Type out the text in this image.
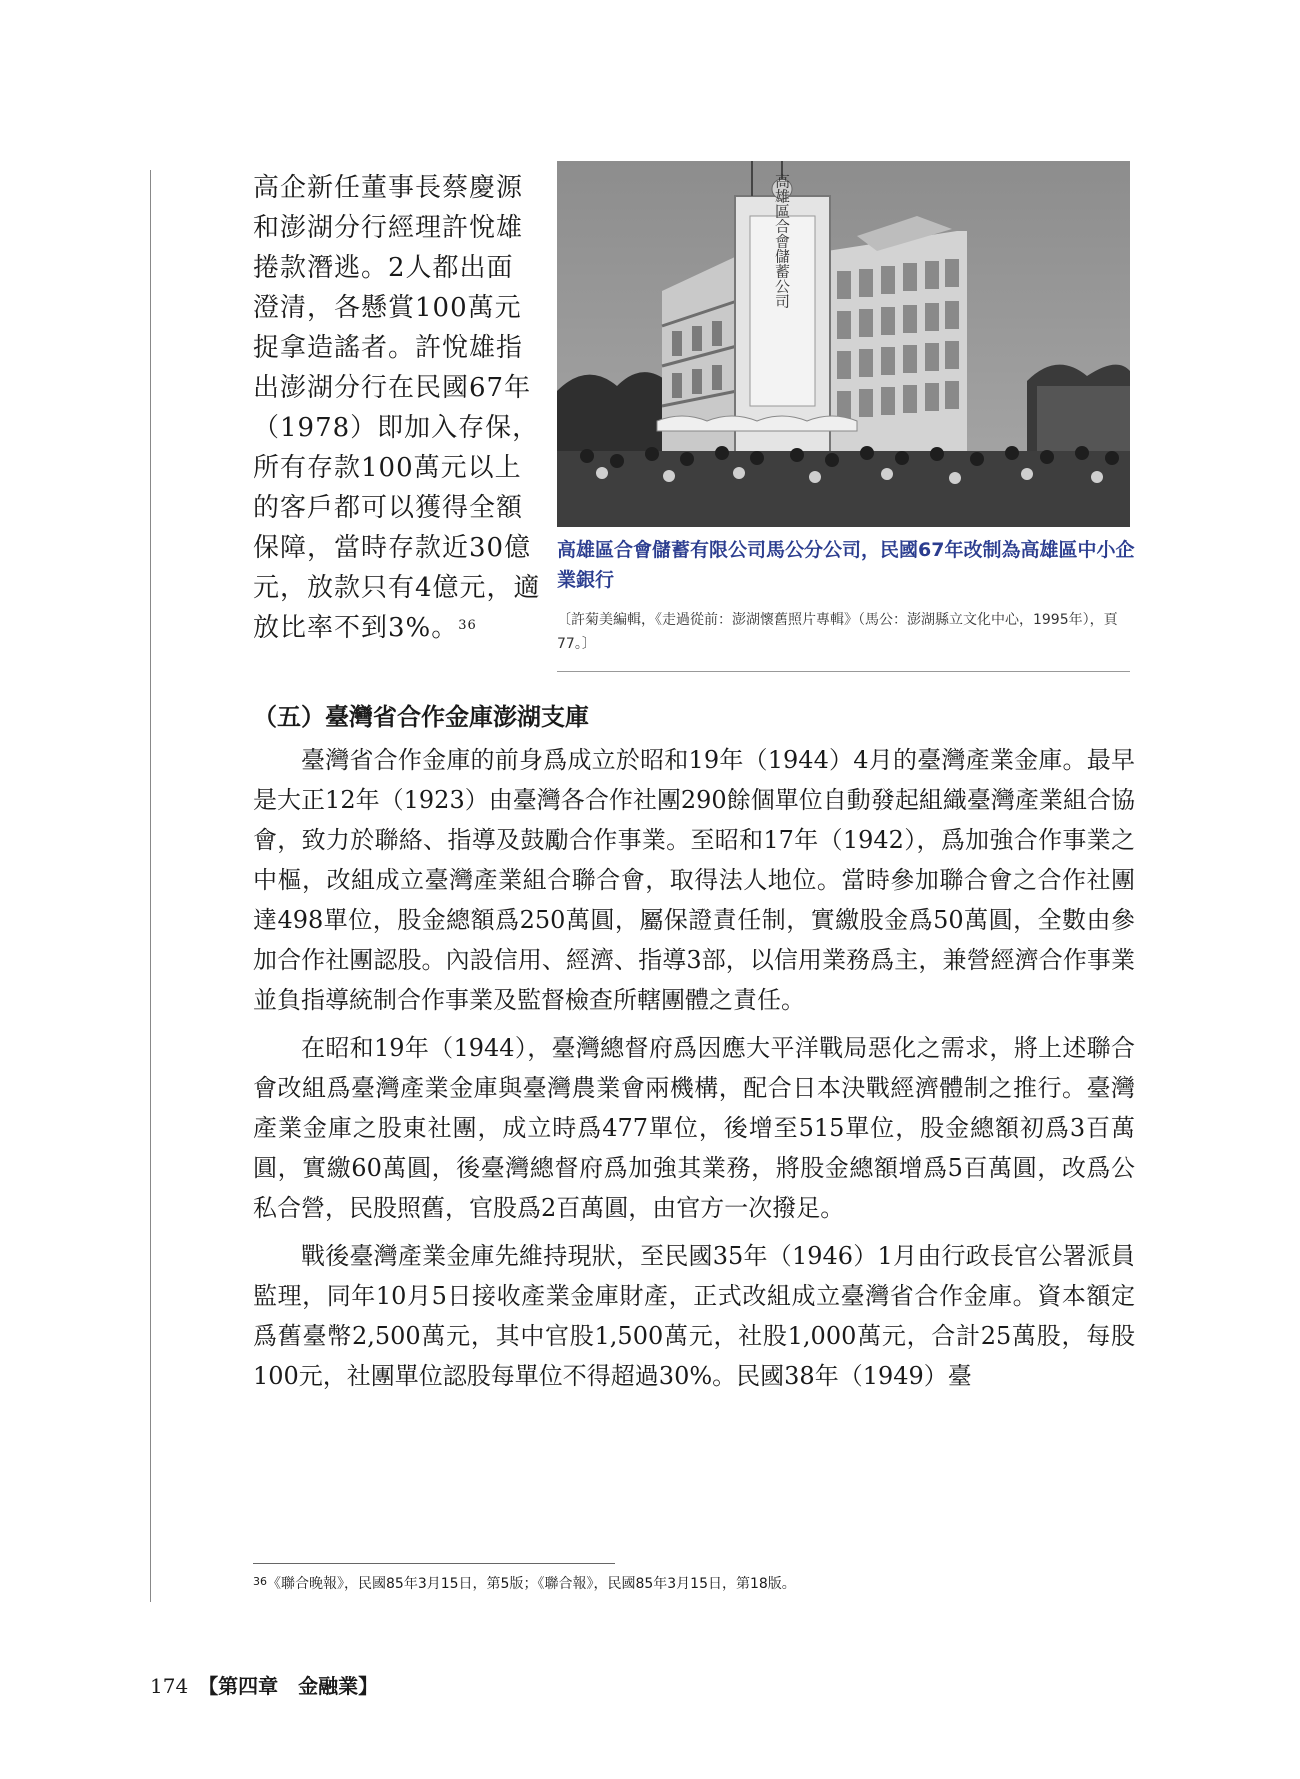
高企新任董事長蔡慶源
和澎湖分行經理許悅雄
捲款潛逃。2人都出面
澄清，各懸賞100萬元
捉拿造謠者。許悅雄指
出澎湖分行在民國67年
（1978）即加入存保，
所有存款100萬元以上
的客戶都可以獲得全額
保障，當時存款近30億
元，放款只有4億元，適
放比率不到3%。$^{36}$
高雄區合會儲蓄公司
高雄區合會儲蓄有限公司馬公分公司，民國67年改制為高雄區中小企業銀行
〔許菊美編輯，《走過從前：澎湖懷舊照片專輯》（馬公：澎湖縣立文化中心，1995年），頁77。〕
（五）臺灣省合作金庫澎湖支庫

臺灣省合作金庫的前身爲成立於昭和19年（1944）4月的臺灣產業金庫。最早是大正12年（1923）由臺灣各合作社團290餘個單位自動發起組織臺灣產業組合協會，致力於聯絡、指導及鼓勵合作事業。至昭和17年（1942），爲加強合作事業之中樞，改組成立臺灣產業組合聯合會，取得法人地位。當時參加聯合會之合作社團達498單位，股金總額爲250萬圓，屬保證責任制，實繳股金爲50萬圓，全數由參加合作社團認股。內設信用、經濟、指導3部，以信用業務爲主，兼營經濟合作事業並負指導統制合作事業及監督檢查所轄團體之責任。

在昭和19年（1944），臺灣總督府爲因應大平洋戰局惡化之需求，將上述聯合會改組爲臺灣產業金庫與臺灣農業會兩機構，配合日本決戰經濟體制之推行。臺灣產業金庫之股東社團，成立時爲477單位，後增至515單位，股金總額初爲3百萬圓，實繳60萬圓，後臺灣總督府爲加強其業務，將股金總額增爲5百萬圓，改爲公私合營，民股照舊，官股爲2百萬圓，由官方一次撥足。

戰後臺灣產業金庫先維持現狀，至民國35年（1946）1月由行政長官公署派員監理，同年10月5日接收產業金庫財產，正式改組成立臺灣省合作金庫。資本額定爲舊臺幣2,500萬元，其中官股1,500萬元，社股1,000萬元，合計25萬股，每股100元，社團單位認股每單位不得超過30%。民國38年（1949）臺

$^{36}$《聯合晚報》，民國85年3月15日，第5版；《聯合報》，民國85年3月15日，第18版。
174 【第四章　金融業】
